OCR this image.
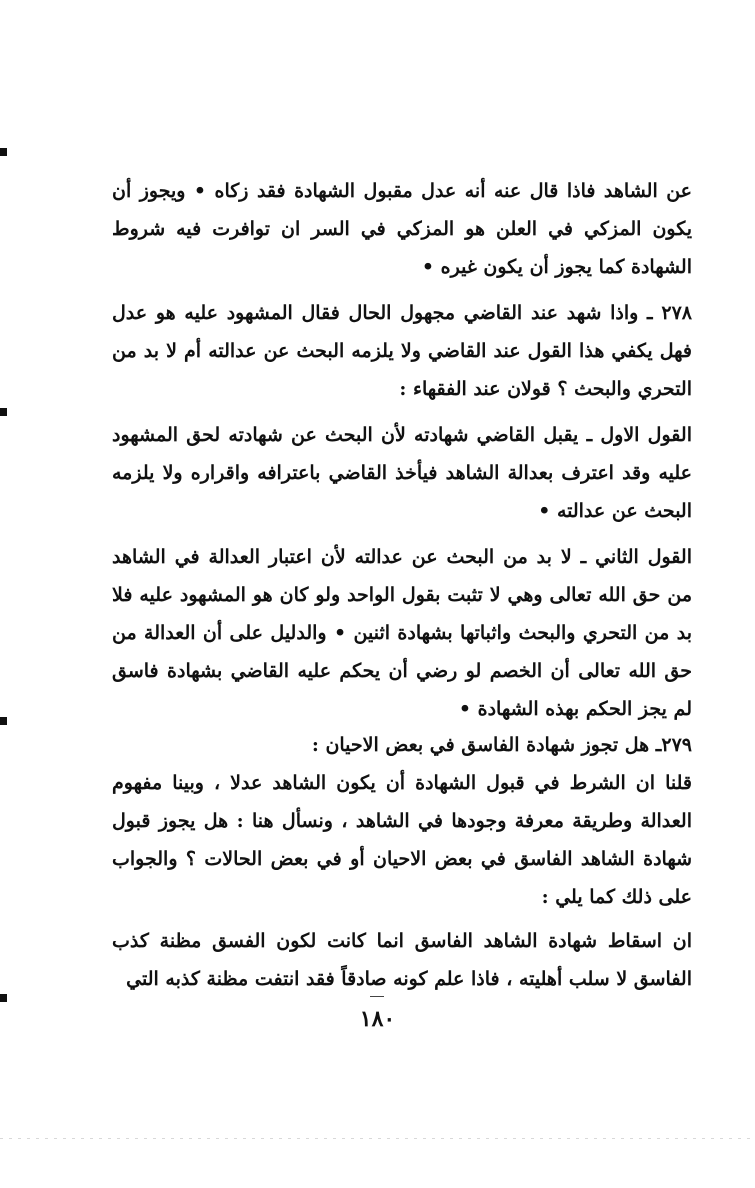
عن الشاهد فاذا قال عنه أنه عدل مقبول الشهادة فقد زكاه • ويجوز أن يكون المزكي في العلن هو المزكي في السر ان توافرت فيه شروط الشهادة كما يجوز أن يكون غيره •

٢٧٨ ـ واذا شهد عند القاضي مجهول الحال فقال المشهود عليه هو عدل فهل يكفي هذا القول عند القاضي ولا يلزمه البحث عن عدالته أم لا بد من التحري والبحث ؟ قولان عند الفقهاء :

القول الاول ـ يقبل القاضي شهادته لأن البحث عن شهادته لحق المشهود عليه وقد اعترف بعدالة الشاهد فيأخذ القاضي باعترافه واقراره ولا يلزمه البحث عن عدالته •

القول الثاني ـ لا بد من البحث عن عدالته لأن اعتبار العدالة في الشاهد من حق الله تعالى وهي لا تثبت بقول الواحد ولو كان هو المشهود عليه فلا بد من التحري والبحث واثباتها بشهادة اثنين • والدليل على أن العدالة من حق الله تعالى أن الخصم لو رضي أن يحكم عليه القاضي بشهادة فاسق لم يجز الحكم بهذه الشهادة •

٢٧٩ـ هل تجوز شهادة الفاسق في بعض الاحيان :

قلنا ان الشرط في قبول الشهادة أن يكون الشاهد عدلا ، وبينا مفهوم العدالة وطريقة معرفة وجودها في الشاهد ، ونسأل هنا : هل يجوز قبول شهادة الشاهد الفاسق في بعض الاحيان أو في بعض الحالات ؟ والجواب على ذلك كما يلي :

ان اسقاط شهادة الشاهد الفاسق انما كانت لكون الفسق مظنة كذب الفاسق لا سلب أهليته ، فاذا علم كونه صادقاً فقد انتفت مظنة كذبه التي

١٨٠
